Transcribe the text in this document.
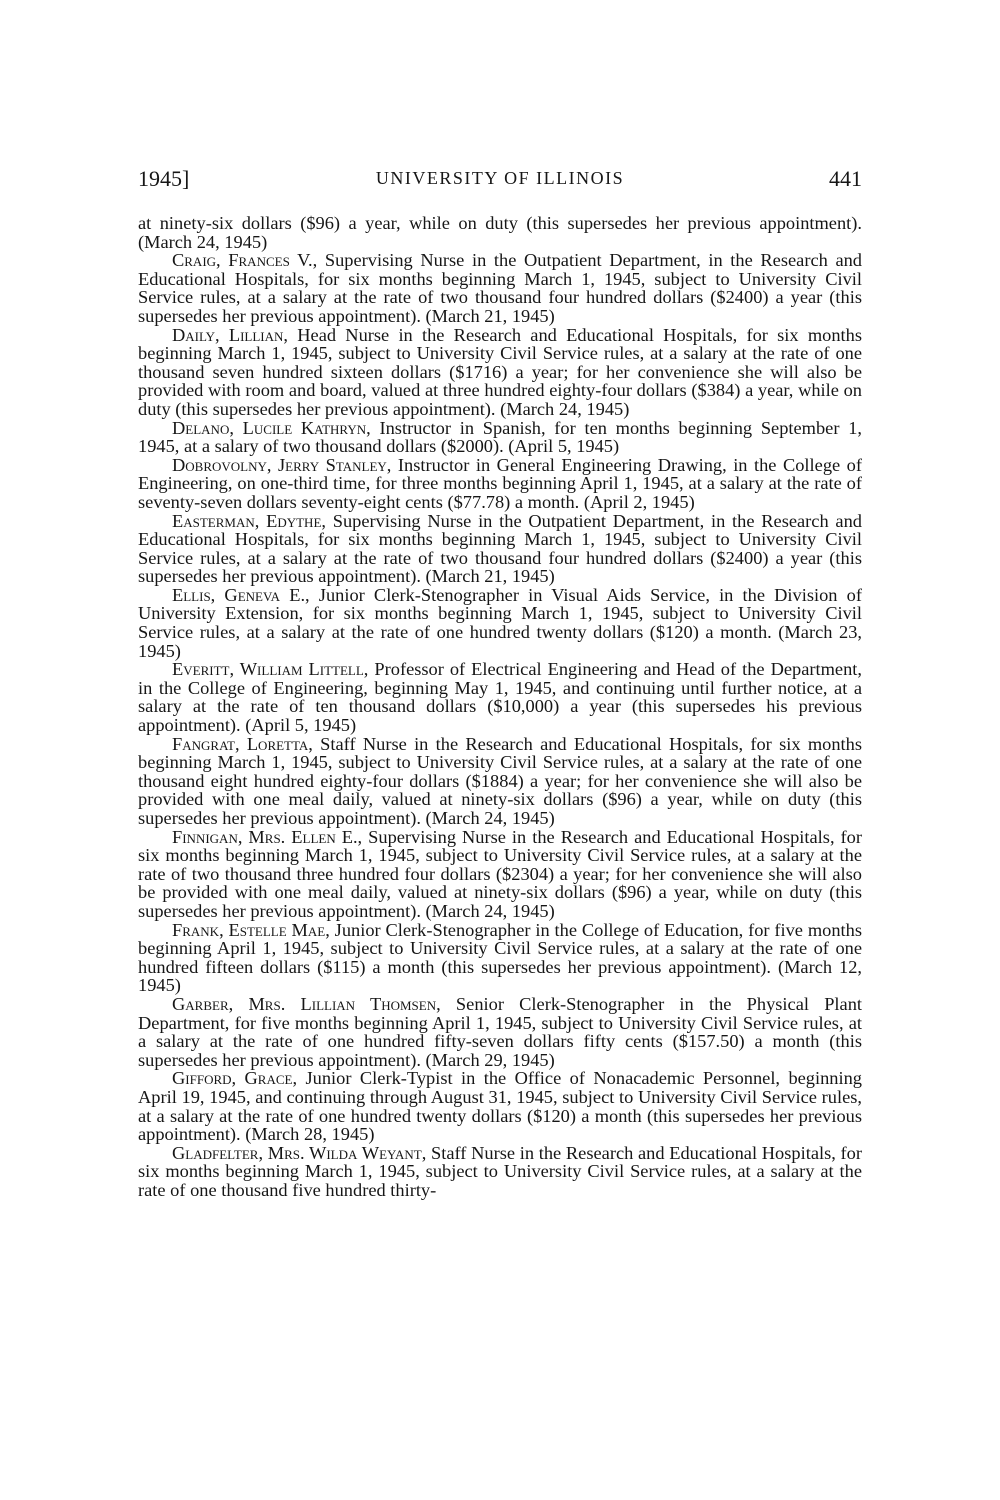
1945]	UNIVERSITY OF ILLINOIS	441

at ninety-six dollars ($96) a year, while on duty (this supersedes her previous appointment). (March 24, 1945)

Craig, Frances V., Supervising Nurse in the Outpatient Department, in the Research and Educational Hospitals, for six months beginning March 1, 1945, subject to University Civil Service rules, at a salary at the rate of two thousand four hundred dollars ($2400) a year (this supersedes her previous appointment). (March 21, 1945)

Daily, Lillian, Head Nurse in the Research and Educational Hospitals, for six months beginning March 1, 1945, subject to University Civil Service rules, at a salary at the rate of one thousand seven hundred sixteen dollars ($1716) a year; for her convenience she will also be provided with room and board, valued at three hundred eighty-four dollars ($384) a year, while on duty (this supersedes her previous appointment). (March 24, 1945)

Delano, Lucile Kathryn, Instructor in Spanish, for ten months beginning September 1, 1945, at a salary of two thousand dollars ($2000). (April 5, 1945)

Dobrovolny, Jerry Stanley, Instructor in General Engineering Drawing, in the College of Engineering, on one-third time, for three months beginning April 1, 1945, at a salary at the rate of seventy-seven dollars seventy-eight cents ($77.78) a month. (April 2, 1945)

Easterman, Edythe, Supervising Nurse in the Outpatient Department, in the Research and Educational Hospitals, for six months beginning March 1, 1945, subject to University Civil Service rules, at a salary at the rate of two thousand four hundred dollars ($2400) a year (this supersedes her previous appointment). (March 21, 1945)

Ellis, Geneva E., Junior Clerk-Stenographer in Visual Aids Service, in the Division of University Extension, for six months beginning March 1, 1945, subject to University Civil Service rules, at a salary at the rate of one hundred twenty dollars ($120) a month. (March 23, 1945)

Everitt, William Littell, Professor of Electrical Engineering and Head of the Department, in the College of Engineering, beginning May 1, 1945, and continuing until further notice, at a salary at the rate of ten thousand dollars ($10,000) a year (this supersedes his previous appointment). (April 5, 1945)

Fangrat, Loretta, Staff Nurse in the Research and Educational Hospitals, for six months beginning March 1, 1945, subject to University Civil Service rules, at a salary at the rate of one thousand eight hundred eighty-four dollars ($1884) a year; for her convenience she will also be provided with one meal daily, valued at ninety-six dollars ($96) a year, while on duty (this supersedes her previous appointment). (March 24, 1945)

Finnigan, Mrs. Ellen E., Supervising Nurse in the Research and Educational Hospitals, for six months beginning March 1, 1945, subject to University Civil Service rules, at a salary at the rate of two thousand three hundred four dollars ($2304) a year; for her convenience she will also be provided with one meal daily, valued at ninety-six dollars ($96) a year, while on duty (this supersedes her previous appointment). (March 24, 1945)

Frank, Estelle Mae, Junior Clerk-Stenographer in the College of Education, for five months beginning April 1, 1945, subject to University Civil Service rules, at a salary at the rate of one hundred fifteen dollars ($115) a month (this supersedes her previous appointment). (March 12, 1945)

Garber, Mrs. Lillian Thomsen, Senior Clerk-Stenographer in the Physical Plant Department, for five months beginning April 1, 1945, subject to University Civil Service rules, at a salary at the rate of one hundred fifty-seven dollars fifty cents ($157.50) a month (this supersedes her previous appointment). (March 29, 1945)

Gifford, Grace, Junior Clerk-Typist in the Office of Nonacademic Personnel, beginning April 19, 1945, and continuing through August 31, 1945, subject to University Civil Service rules, at a salary at the rate of one hundred twenty dollars ($120) a month (this supersedes her previous appointment). (March 28, 1945)

Gladfelter, Mrs. Wilda Weyant, Staff Nurse in the Research and Educational Hospitals, for six months beginning March 1, 1945, subject to University Civil Service rules, at a salary at the rate of one thousand five hundred thirty-
